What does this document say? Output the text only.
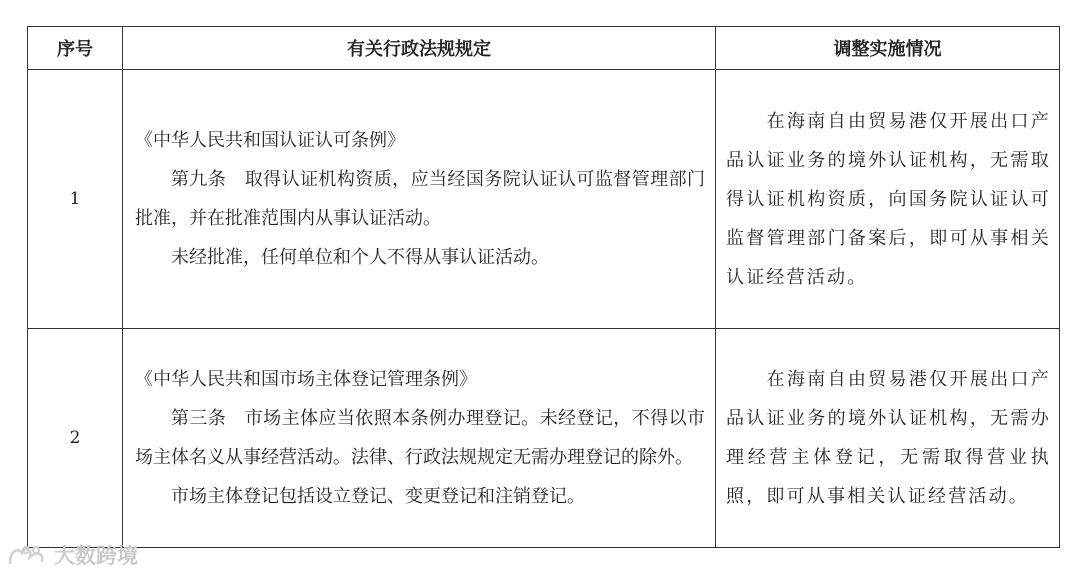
序号	有关行政法规规定	调整实施情况
1	《中华人民共和国认证认可条例》

第九条　取得认证机构资质，应当经国务院认证认可监督管理部门批准，并在批准范围内从事认证活动。

未经批准，任何单位和个人不得从事认证活动。	　　在海南自由贸易港仅开展出口产品认证业务的境外认证机构，无需取得认证机构资质，向国务院认证认可监督管理部门备案后，即可从事相关认证经营活动。
2	《中华人民共和国市场主体登记管理条例》

第三条　市场主体应当依照本条例办理登记。未经登记，不得以市场主体名义从事经营活动。法律、行政法规规定无需办理登记的除外。

市场主体登记包括设立登记、变更登记和注销登记。	　　在海南自由贸易港仅开展出口产品认证业务的境外认证机构，无需办理经营主体登记，无需取得营业执照，即可从事相关认证经营活动。
大数跨境
